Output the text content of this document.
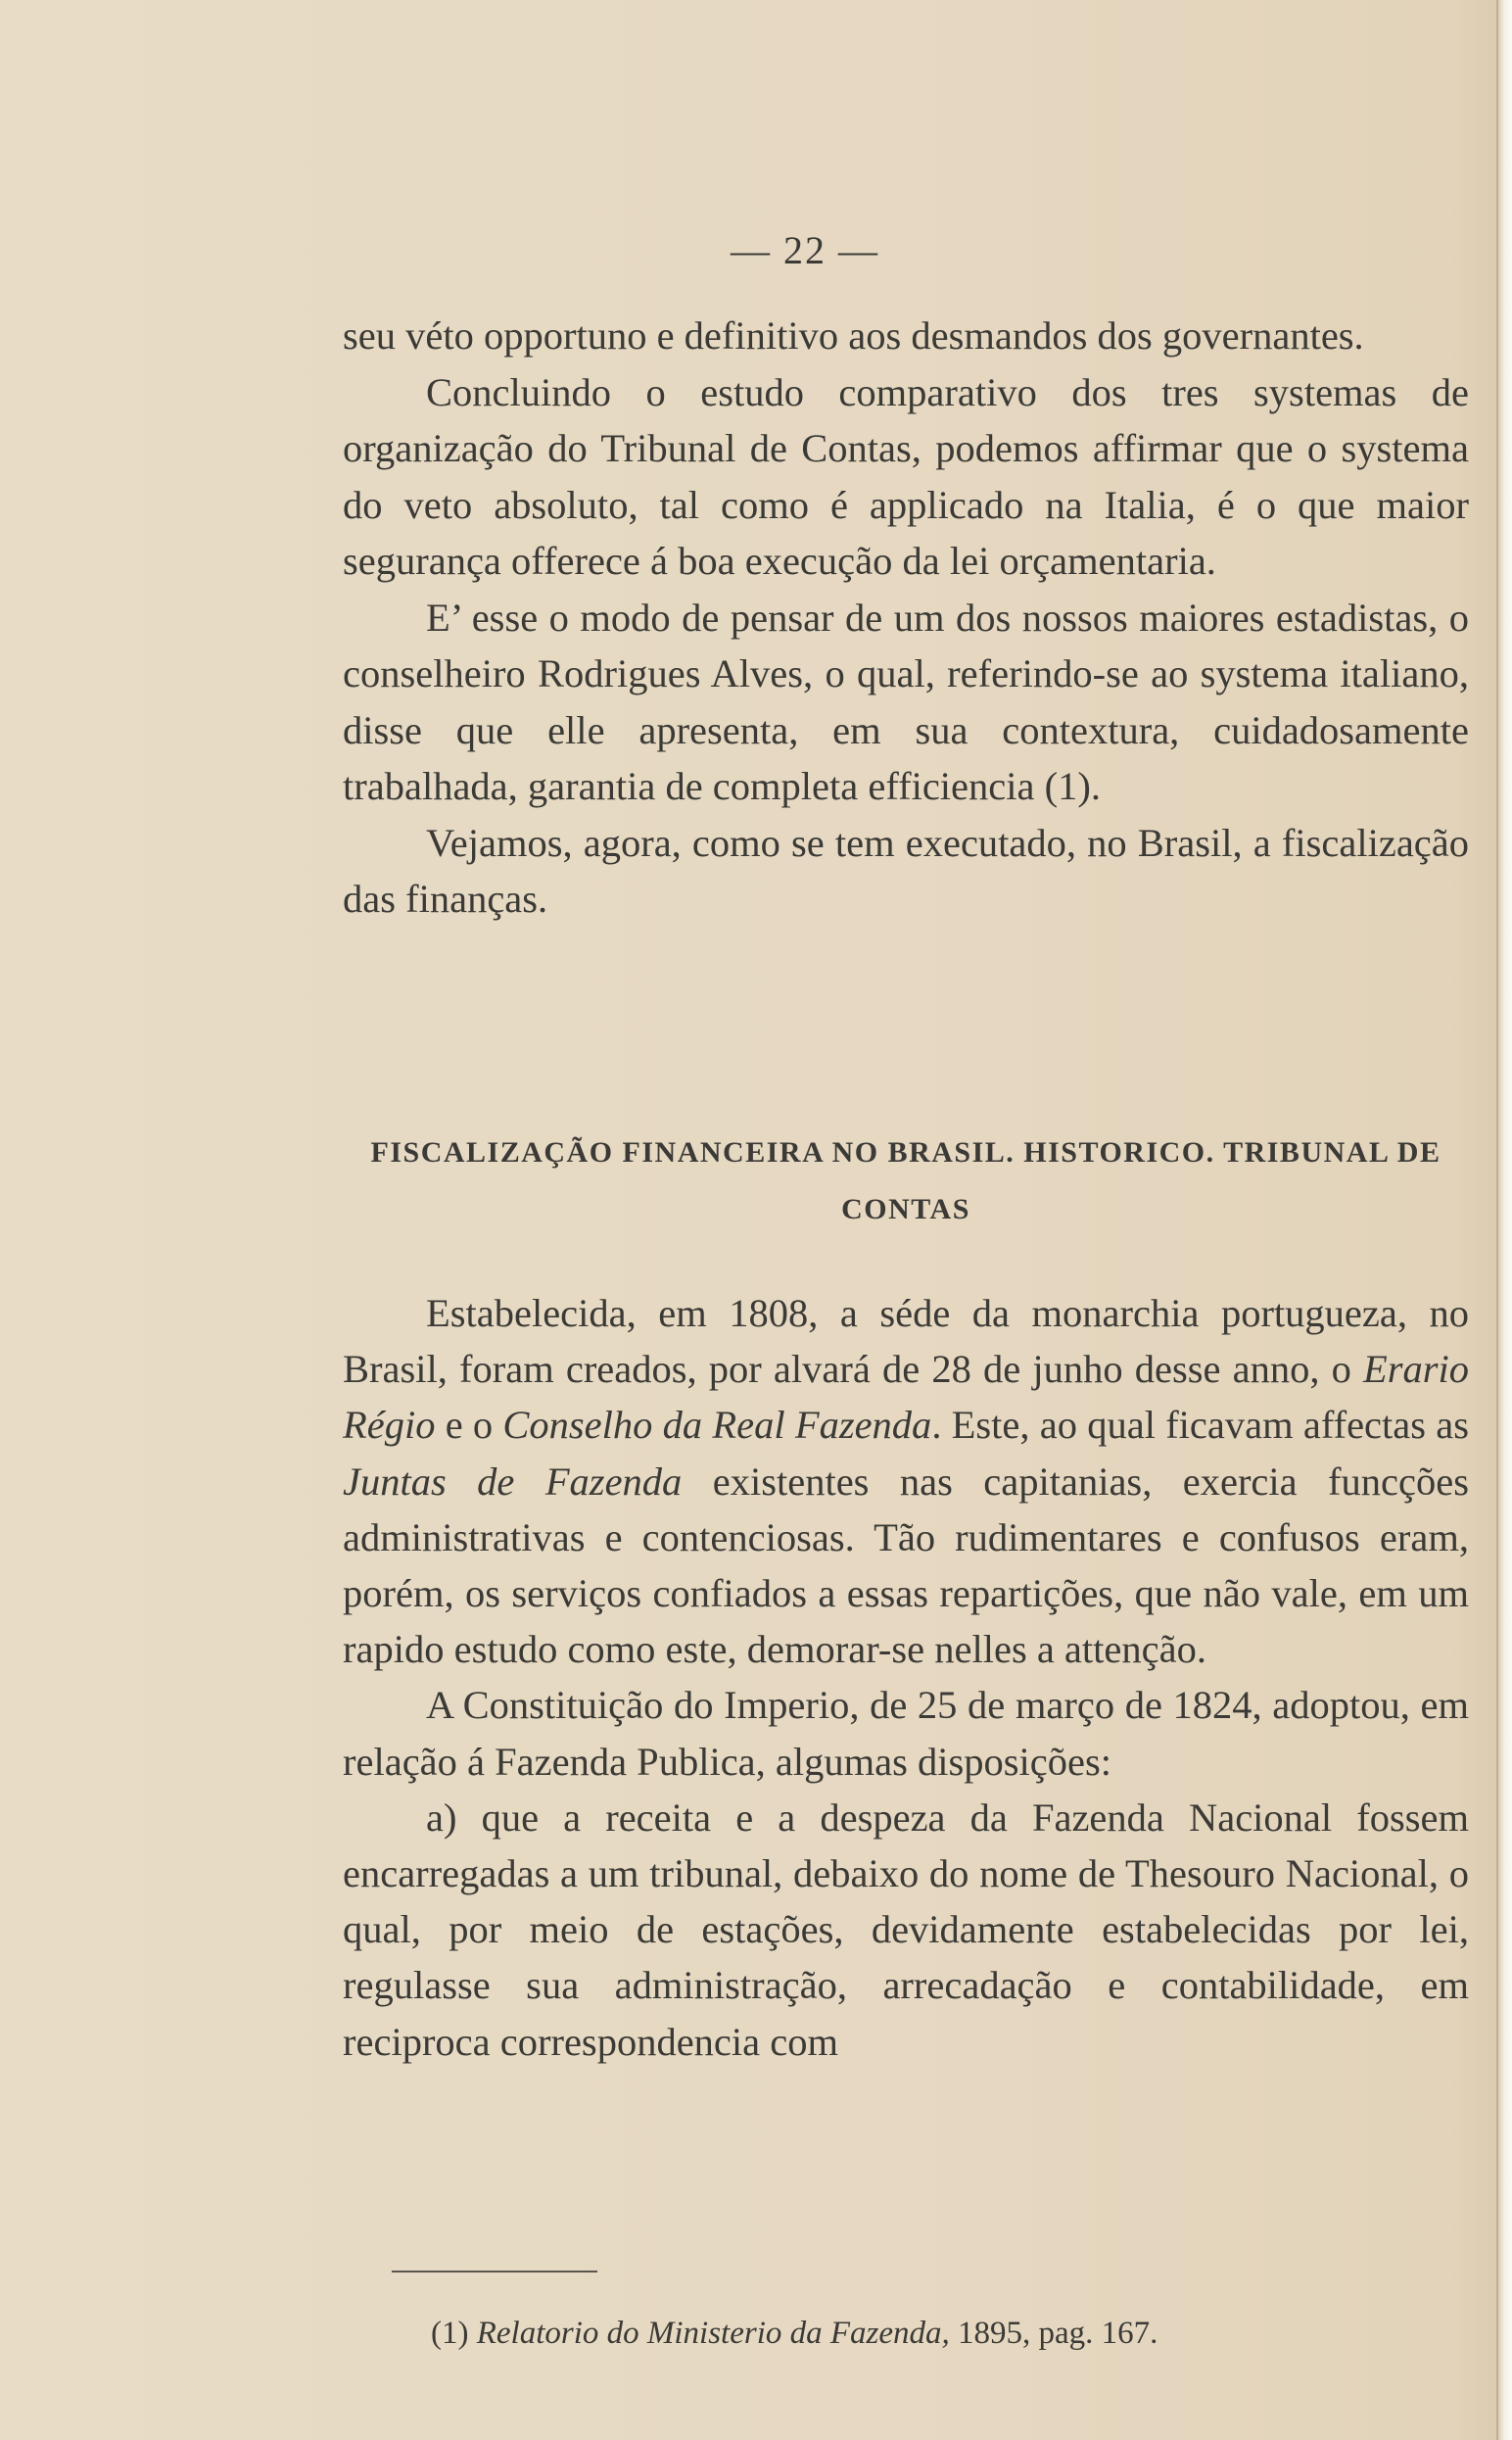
— 22 —

seu véto opportuno e definitivo aos desmandos dos governantes.

Concluindo o estudo comparativo dos tres systemas de organização do Tribunal de Contas, podemos affirmar que o systema do veto absoluto, tal como é applicado na Italia, é o que maior segurança offerece á boa execução da lei orçamentaria.

E’ esse o modo de pensar de um dos nossos maiores estadistas, o conselheiro Rodrigues Alves, o qual, referindo-se ao systema italiano, disse que elle apresenta, em sua contextura, cuidadosamente trabalhada, garantia de completa efficiencia (1).

Vejamos, agora, como se tem executado, no Brasil, a fiscalização das finanças.

FISCALIZAÇÃO FINANCEIRA NO BRASIL. HISTORICO. TRIBUNAL DE
CONTAS

Estabelecida, em 1808, a séde da monarchia portugueza, no Brasil, foram creados, por alvará de 28 de junho desse anno, o Erario Régio e o Conselho da Real Fazenda. Este, ao qual ficavam affectas as Juntas de Fazenda existentes nas capitanias, exercia funcções administrativas e contenciosas. Tão rudimentares e confusos eram, porém, os serviços confiados a essas repartições, que não vale, em um rapido estudo como este, demorar-se nelles a attenção.

A Constituição do Imperio, de 25 de março de 1824, adoptou, em relação á Fazenda Publica, algumas disposições:

a) que a receita e a despeza da Fazenda Nacional fossem encarregadas a um tribunal, debaixo do nome de Thesouro Nacional, o qual, por meio de estações, devidamente estabelecidas por lei, regulasse sua administração, arrecadação e contabilidade, em reciproca correspondencia com

(1) Relatorio do Ministerio da Fazenda, 1895, pag. 167.
